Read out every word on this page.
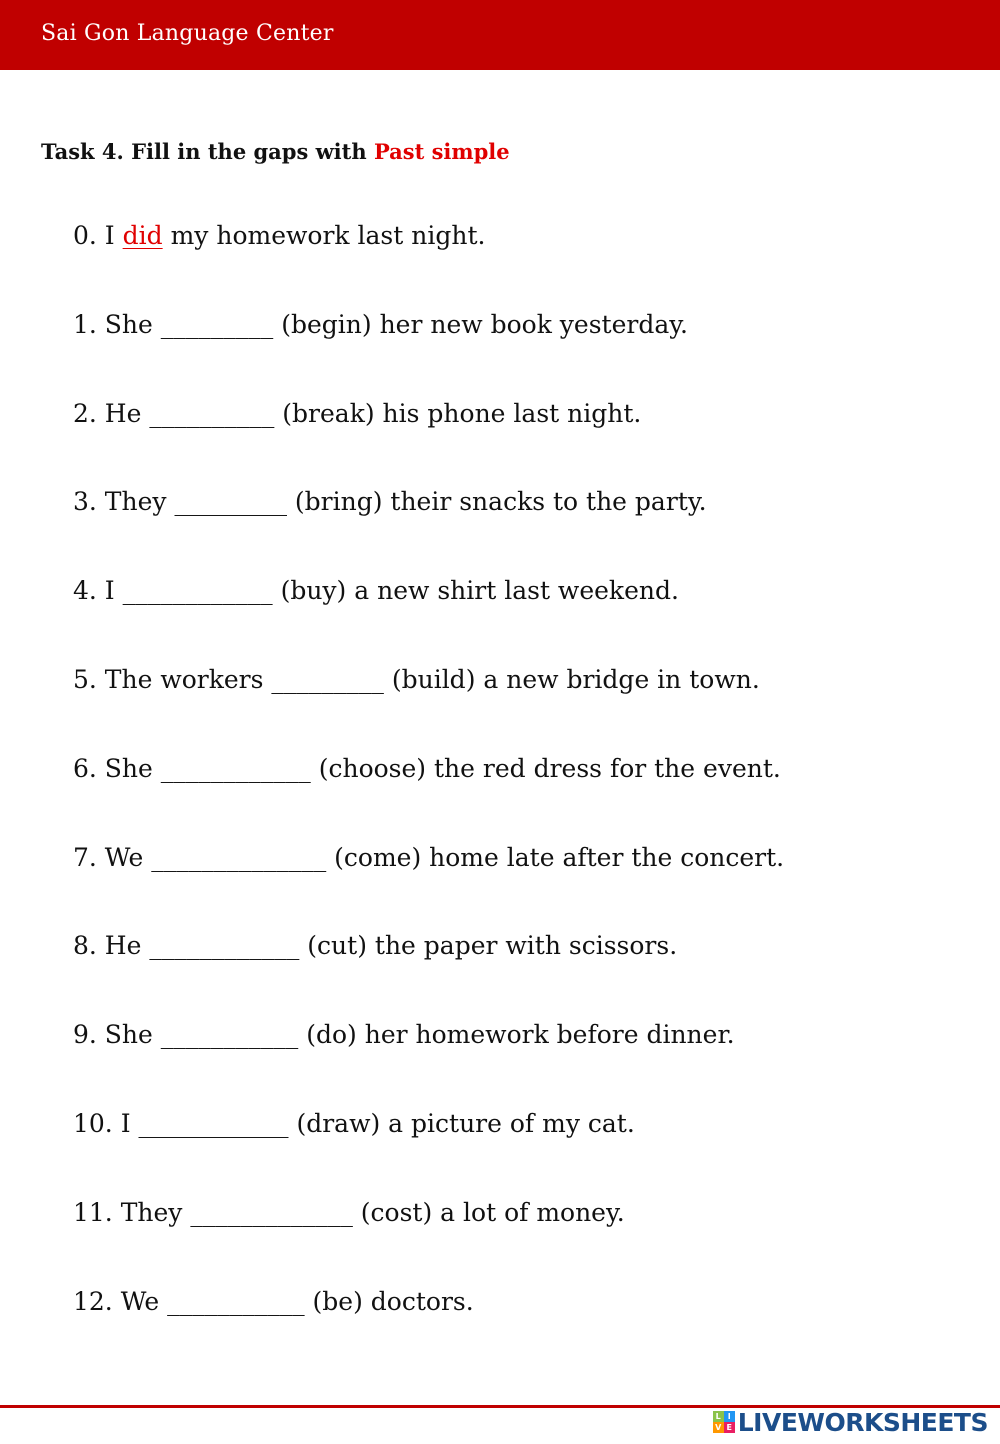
Sai Gon Language Center
Task 4. Fill in the gaps with Past simple
0. I did my homework last night.
1. She _________ (begin) her new book yesterday.
2. He __________ (break) his phone last night.
3. They _________ (bring) their snacks to the party.
4. I ____________ (buy) a new shirt last weekend.
5. The workers _________ (build) a new bridge in town.
6. She ____________ (choose) the red dress for the event.
7. We ______________ (come) home late after the concert.
8. He ____________ (cut) the paper with scissors.
9. She ___________ (do) her homework before dinner.
10. I ____________ (draw) a picture of my cat.
11. They _____________ (cost) a lot of money.
12. We ___________ (be) doctors.
L I
V E LIVEWORKSHEETS
